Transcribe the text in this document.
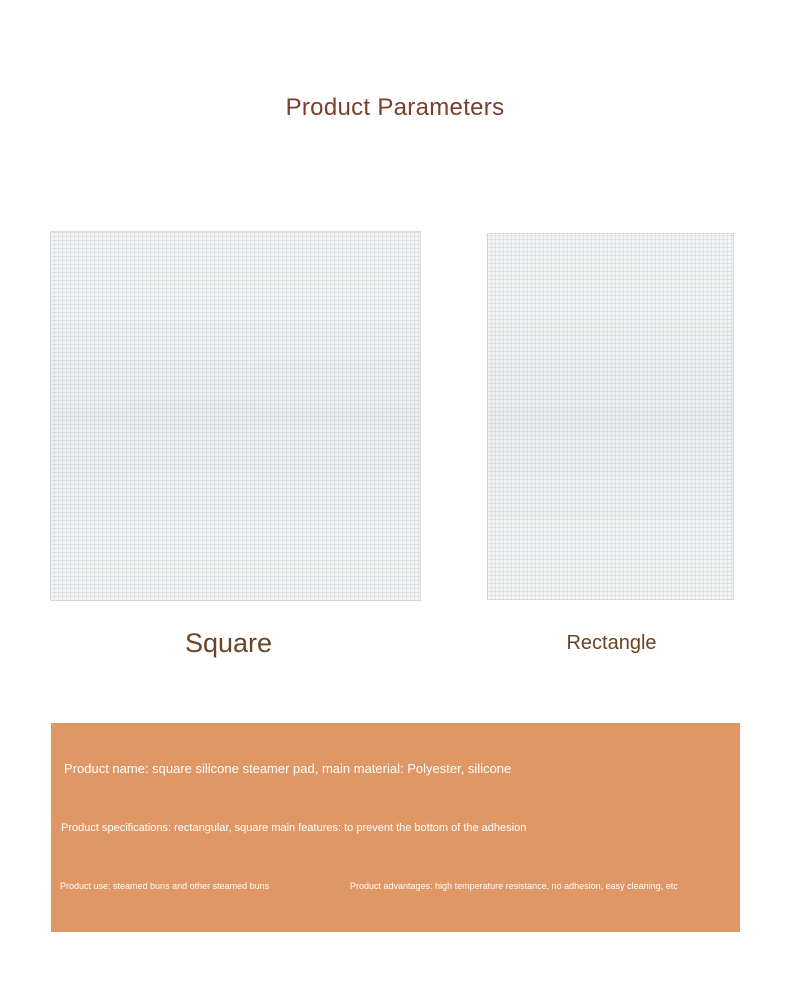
Product Parameters
Square	Rectangle
Product name: square silicone steamer pad, main material: Polyester, silicone
Product specifications: rectangular, square main features: to prevent the bottom of the adhesion
Product use: steamed buns and other steamed buns	Product advantages: high temperature resistance, no adhesion, easy cleaning, etc
